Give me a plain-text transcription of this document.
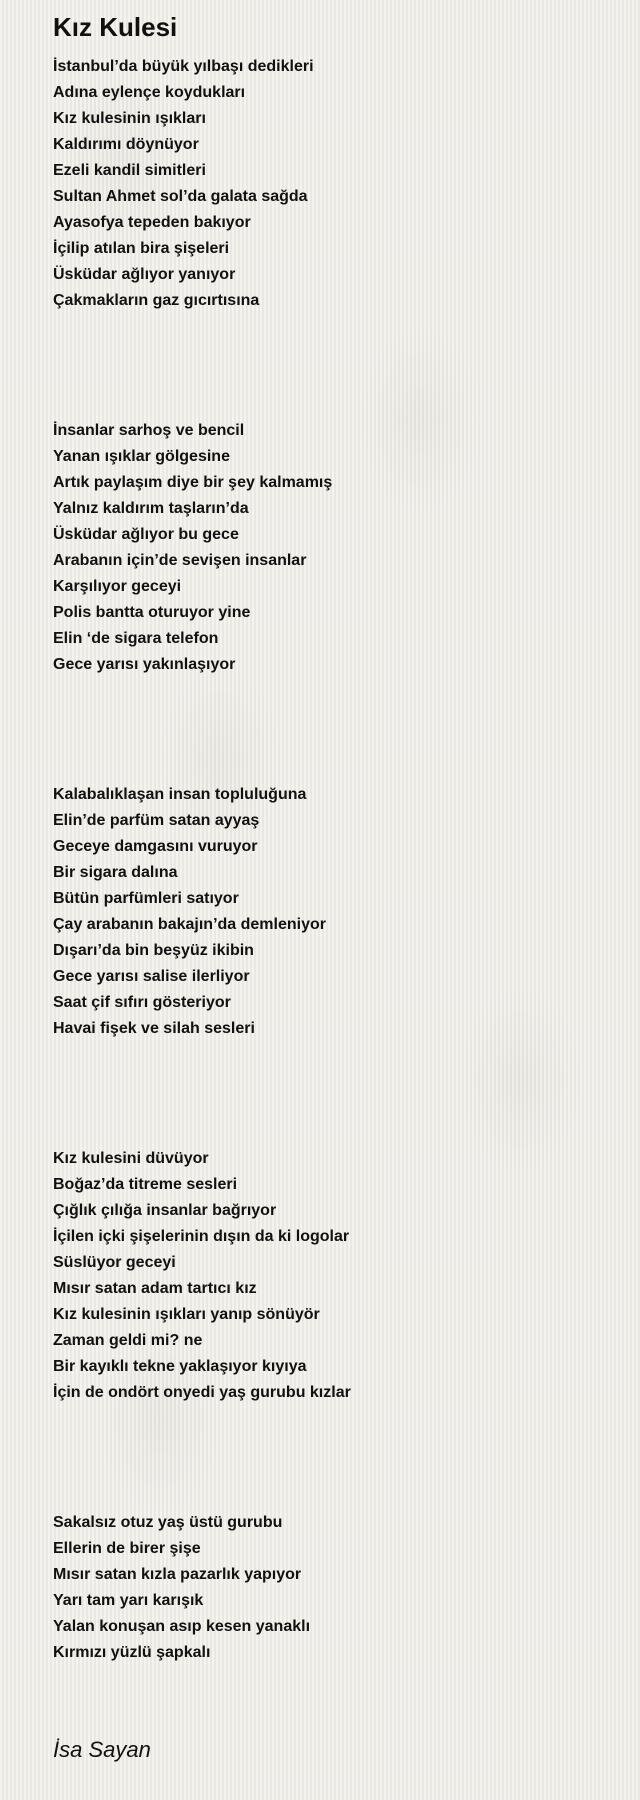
Kız Kulesi
İstanbul’da büyük yılbaşı dedikleri
Adına eylençe koydukları
Kız kulesinin ışıkları
Kaldırımı döynüyor
Ezeli kandil simitleri
Sultan Ahmet sol’da galata sağda
Ayasofya tepeden bakıyor
İçilip atılan bira şişeleri
Üsküdar ağlıyor yanıyor
Çakmakların gaz gıcırtısına
İnsanlar sarhoş ve bencil
Yanan ışıklar gölgesine
Artık paylaşım diye bir şey kalmamış
Yalnız kaldırım taşların’da
Üsküdar ağlıyor bu gece
Arabanın için’de sevişen insanlar
Karşılıyor geceyi
Polis bantta oturuyor yine
Elin ‘de sigara telefon
Gece yarısı yakınlaşıyor
Kalabalıklaşan insan topluluğuna
Elin’de parfüm satan ayyaş
Geceye damgasını vuruyor
Bir sigara dalına
Bütün parfümleri satıyor
Çay arabanın bakajın’da demleniyor
Dışarı’da bin beşyüz ikibin
Gece yarısı salise ilerliyor
Saat çif sıfırı gösteriyor
Havai fişek ve silah sesleri
Kız kulesini düvüyor
Boğaz’da titreme sesleri
Çığlık çılığa insanlar bağrıyor
İçilen içki şişelerinin dışın da ki logolar
Süslüyor geceyi
Mısır satan adam tartıcı kız
Kız kulesinin ışıkları yanıp sönüyör
Zaman geldi mi? ne
Bir kayıklı tekne yaklaşıyor kıyıya
İçin de ondört onyedi yaş gurubu kızlar
Sakalsız otuz yaş üstü gurubu
Ellerin de birer şişe
Mısır satan kızla pazarlık yapıyor
Yarı tam yarı karışık
Yalan konuşan asıp kesen yanaklı
Kırmızı yüzlü şapkalı
İsa Sayan
